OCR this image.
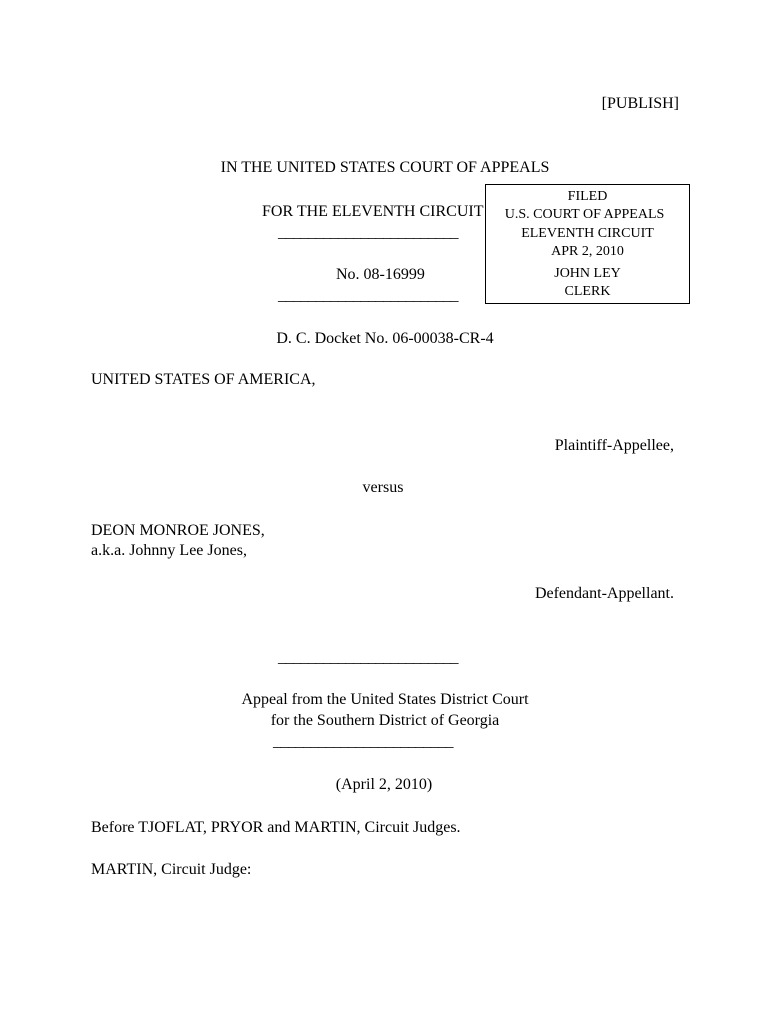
[PUBLISH]
IN THE UNITED STATES COURT OF APPEALS
FOR THE ELEVENTH CIRCUIT
________________________
No. 08-16999
________________________
FILED
U.S. COURT OF APPEALS
ELEVENTH CIRCUIT
APR 2, 2010
JOHN LEY
CLERK
D. C. Docket No. 06-00038-CR-4
UNITED STATES OF AMERICA,
Plaintiff-Appellee,
versus
DEON MONROE JONES,
a.k.a. Johnny Lee Jones,
Defendant-Appellant.
________________________
Appeal from the United States District Court
for the Southern District of Georgia
________________________
(April 2, 2010)
Before TJOFLAT, PRYOR and MARTIN, Circuit Judges.
MARTIN, Circuit Judge:
